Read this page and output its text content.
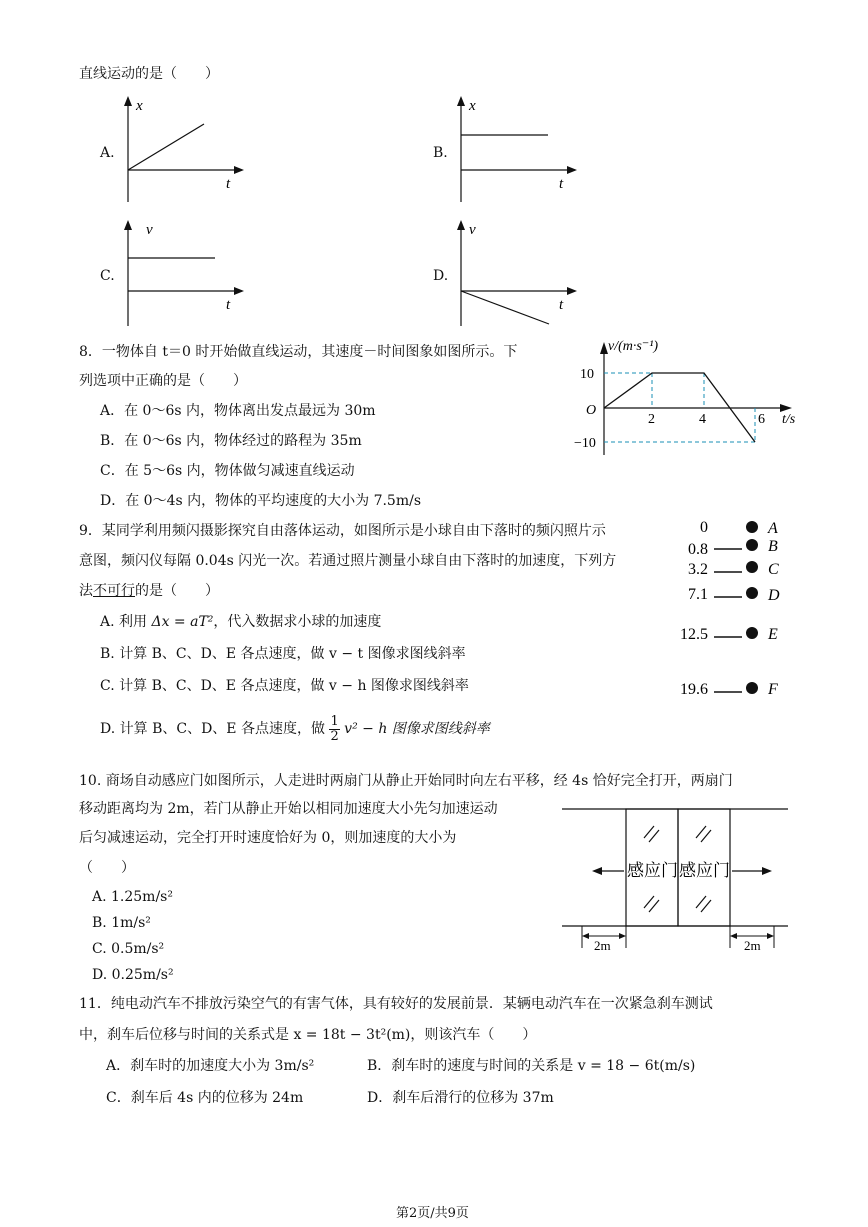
直线运动的是（　　）
A.
x
t
B.
x
t
C.
v
t
D.
v
t
8．一物体自 t＝0 时开始做直线运动，其速度－时间图象如图所示。下
列选项中正确的是（　　）
A．在 0～6s 内，物体离出发点最远为 30m
B．在 0～6s 内，物体经过的路程为 35m
C．在 5～6s 内，物体做匀减速直线运动
D．在 0～4s 内，物体的平均速度的大小为 7.5m/s
v/(m·s⁻¹)
10
−10
O
2	4	6 t/s
9．某同学利用频闪摄影探究自由落体运动，如图所示是小球自由下落时的频闪照片示
意图，频闪仪每隔 0.04s 闪光一次。若通过照片测量小球自由下落时的加速度，下列方
法不可行的是（　　）
A. 利用 Δx = aT²，代入数据求小球的加速度
B. 计算 B、C、D、E 各点速度，做 v − t 图像求图线斜率
C. 计算 B、C、D、E 各点速度，做 v − h 图像求图线斜率
D. 计算 B、C、D、E 各点速度，做 $\frac{1}{2} v^2 - h$ 图像求图线斜率
0	A
0.8	B
3.2	C
7.1	D
12.5	E
19.6	F
10. 商场自动感应门如图所示，人走进时两扇门从静止开始同时向左右平移，经 4s 恰好完全打开，两扇门
移动距离均为 2m，若门从静止开始以相同加速度大小先匀加速运动
后匀减速运动，完全打开时速度恰好为 0，则加速度的大小为
（　　）
A. 1.25m/s²
B. 1m/s²
C. 0.5m/s²
D. 0.25m/s²
感应门 感应门
2m	2m
11．纯电动汽车不排放污染空气的有害气体，具有较好的发展前景．某辆电动汽车在一次紧急刹车测试
中，刹车后位移与时间的关系式是 x = 18t − 3t²(m)，则该汽车（　　）
A．刹车时的加速度大小为 3m/s²	B．刹车时的速度与时间的关系是 v = 18 − 6t(m/s)
C．刹车后 4s 内的位移为 24m	D．刹车后滑行的位移为 37m
第2页/共9页
